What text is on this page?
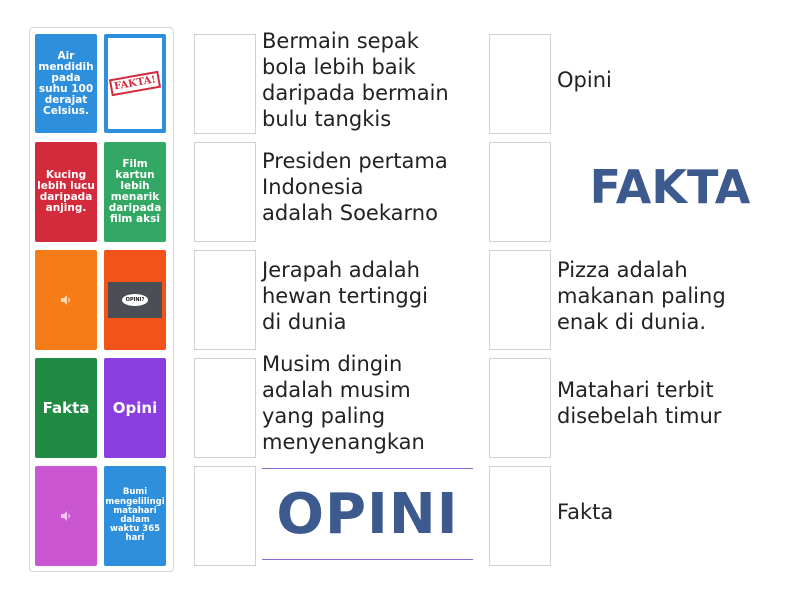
Air mendidih pada suhu 100 derajat Celsius.
FAKTA!
Kucing lebih lucu daripada anjing.
Film kartun lebih menarik daripada film aksi
OPINI?
Fakta Opini
Bumi mengelilingi matahari dalam waktu 365 hari
Bermain sepak
bola lebih baik
daripada bermain
bulu tangkis
Presiden pertama
Indonesia
adalah Soekarno
Jerapah adalah
hewan tertinggi
di dunia
Musim dingin
adalah musim
yang paling
menyenangkan
OPINI
Opini
FAKTA
Pizza adalah
makanan paling
enak di dunia.
Matahari terbit
disebelah timur
Fakta
